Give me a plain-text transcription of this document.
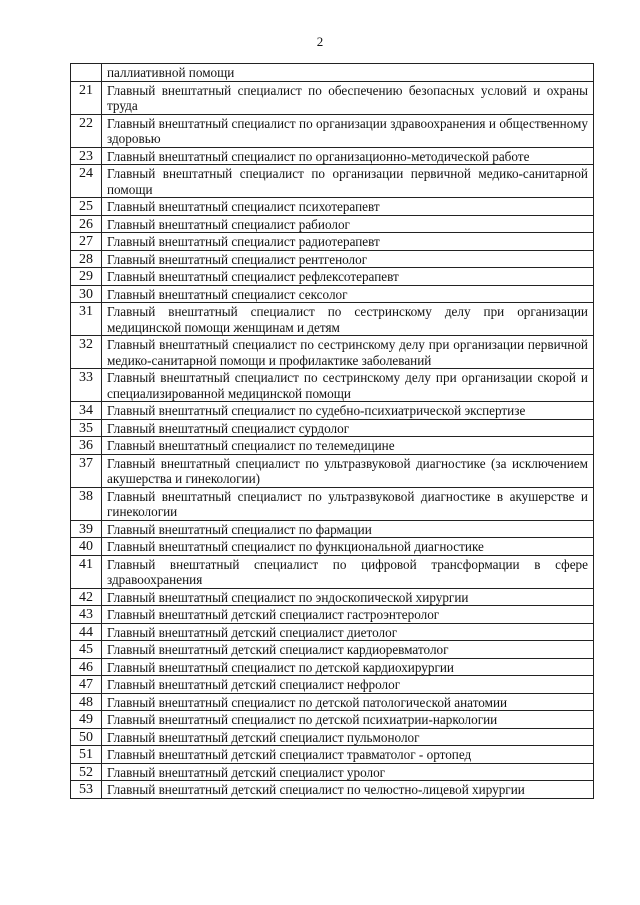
2
	паллиативной помощи
21	Главный внештатный специалист по обеспечению безопасных условий и охраны труда
22	Главный внештатный специалист по организации здравоохранения и общественному здоровью
23	Главный внештатный специалист по организационно-методической работе
24	Главный внештатный специалист по организации первичной медико-санитарной помощи
25	Главный внештатный специалист психотерапевт
26	Главный внештатный специалист рабиолог
27	Главный внештатный специалист радиотерапевт
28	Главный внештатный специалист рентгенолог
29	Главный внештатный специалист рефлексотерапевт
30	Главный внештатный специалист сексолог
31	Главный внештатный специалист по сестринскому делу при организации медицинской помощи женщинам и детям
32	Главный внештатный специалист по сестринскому делу при организации первичной медико-санитарной помощи и профилактике заболеваний
33	Главный внештатный специалист по сестринскому делу при организации скорой и специализированной медицинской помощи
34	Главный внештатный специалист по судебно-психиатрической экспертизе
35	Главный внештатный специалист сурдолог
36	Главный внештатный специалист по телемедицине
37	Главный внештатный специалист по ультразвуковой диагностике (за исключением акушерства и гинекологии)
38	Главный внештатный специалист по ультразвуковой диагностике в акушерстве и гинекологии
39	Главный внештатный специалист по фармации
40	Главный внештатный специалист по функциональной диагностике
41	Главный внештатный специалист по цифровой трансформации в сфере здравоохранения
42	Главный внештатный специалист по эндоскопической хирургии
43	Главный внештатный детский специалист гастроэнтеролог
44	Главный внештатный детский специалист диетолог
45	Главный внештатный детский специалист кардиоревматолог
46	Главный внештатный специалист по детской кардиохирургии
47	Главный внештатный детский специалист нефролог
48	Главный внештатный специалист по детской патологической анатомии
49	Главный внештатный специалист по детской психиатрии-наркологии
50	Главный внештатный детский специалист пульмонолог
51	Главный внештатный детский специалист травматолог - ортопед
52	Главный внештатный детский специалист уролог
53	Главный внештатный детский специалист по челюстно-лицевой хирургии
